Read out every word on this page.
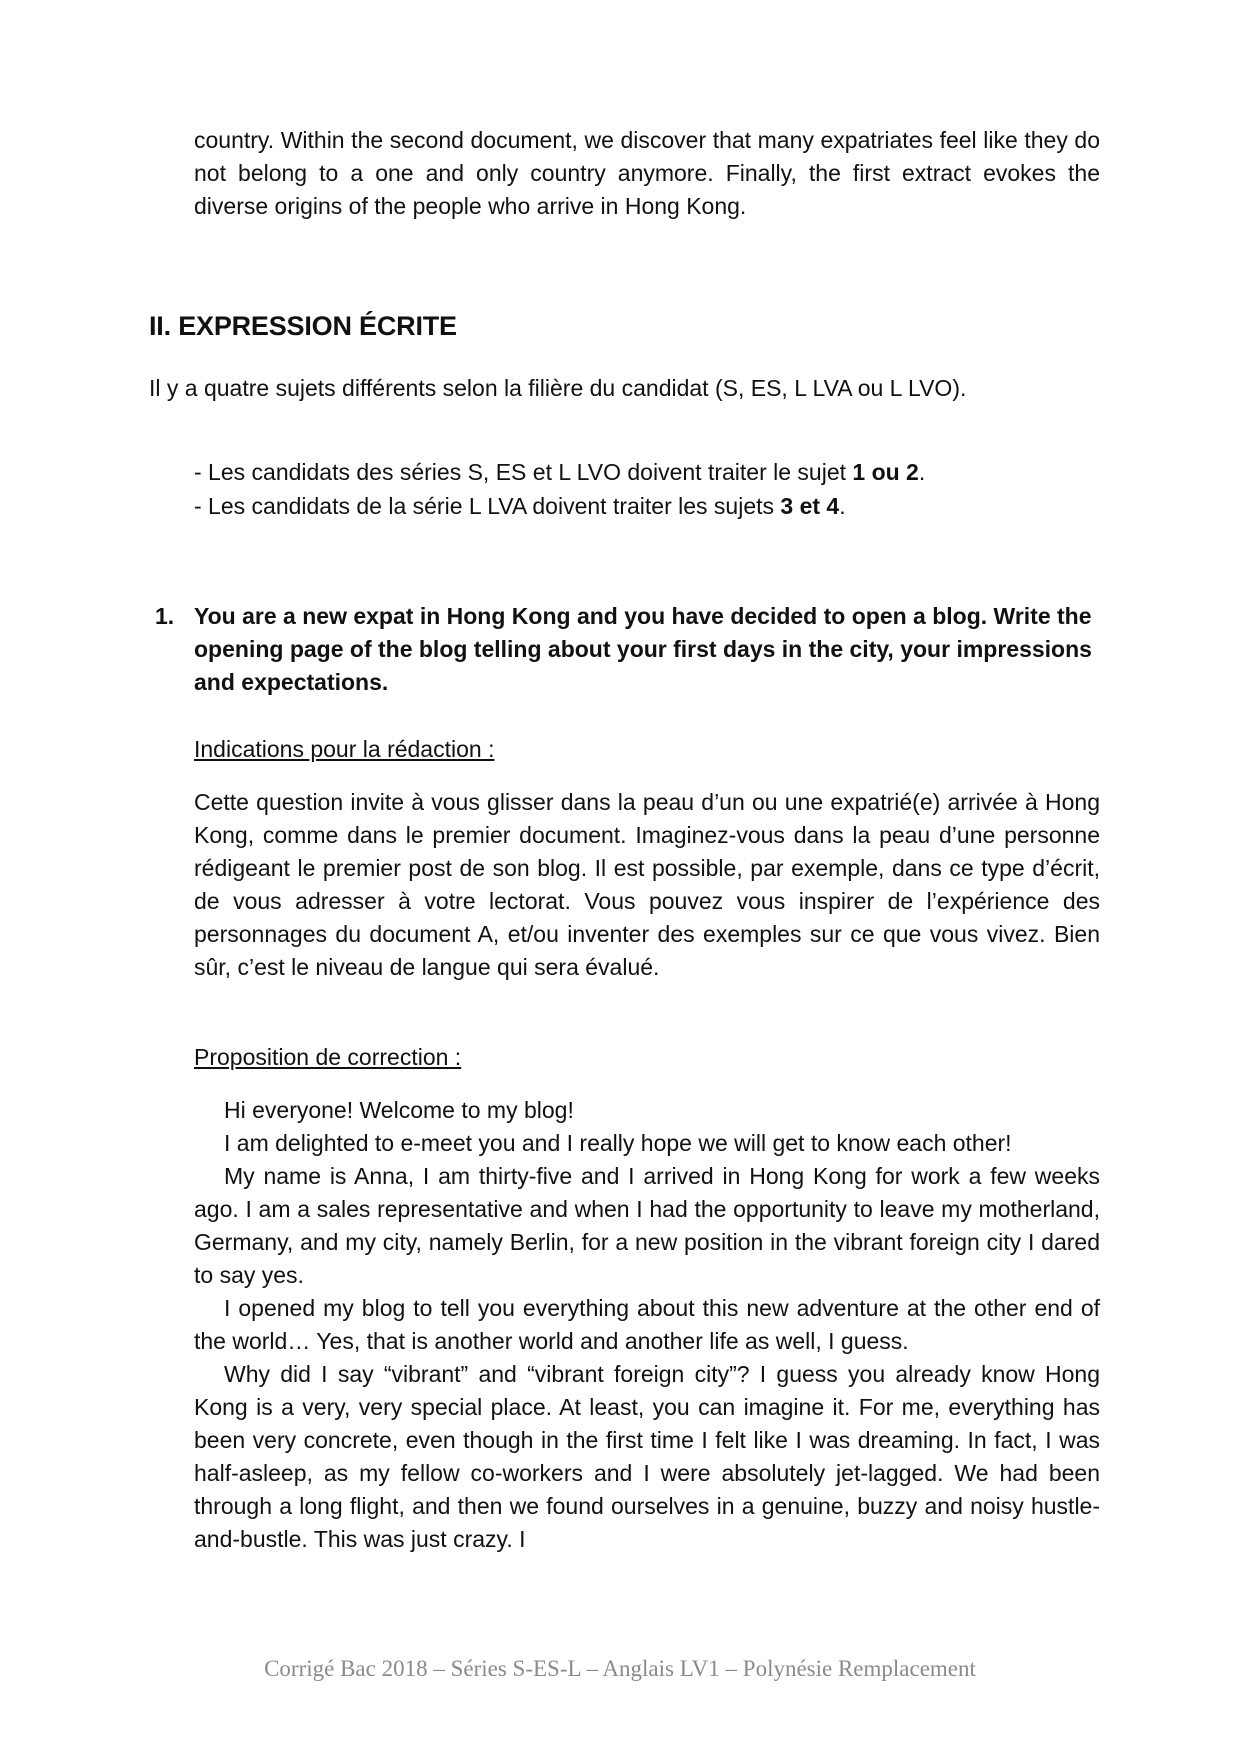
country. Within the second document, we discover that many expatriates feel like they do not belong to a one and only country anymore. Finally, the first extract evokes the diverse origins of the people who arrive in Hong Kong.

II. EXPRESSION ÉCRITE

Il y a quatre sujets différents selon la filière du candidat (S, ES, L LVA ou L LVO).

- Les candidats des séries S, ES et L LVO doivent traiter le sujet 1 ou 2.

- Les candidats de la série L LVA doivent traiter les sujets 3 et 4.

1. You are a new expat in Hong Kong and you have decided to open a blog. Write the opening page of the blog telling about your first days in the city, your impressions and expectations.

Indications pour la rédaction :

Cette question invite à vous glisser dans la peau d’un ou une expatrié(e) arrivée à Hong Kong, comme dans le premier document. Imaginez-vous dans la peau d’une personne rédigeant le premier post de son blog. Il est possible, par exemple, dans ce type d’écrit, de vous adresser à votre lectorat. Vous pouvez vous inspirer de l’expérience des personnages du document A, et/ou inventer des exemples sur ce que vous vivez. Bien sûr, c’est le niveau de langue qui sera évalué.

Proposition de correction :

Hi everyone! Welcome to my blog!

I am delighted to e-meet you and I really hope we will get to know each other!

My name is Anna, I am thirty-five and I arrived in Hong Kong for work a few weeks ago. I am a sales representative and when I had the opportunity to leave my motherland, Germany, and my city, namely Berlin, for a new position in the vibrant foreign city I dared to say yes.

I opened my blog to tell you everything about this new adventure at the other end of the world… Yes, that is another world and another life as well, I guess.

Why did I say “vibrant” and “vibrant foreign city”? I guess you already know Hong Kong is a very, very special place. At least, you can imagine it. For me, everything has been very concrete, even though in the first time I felt like I was dreaming. In fact, I was half-asleep, as my fellow co-workers and I were absolutely jet-lagged. We had been through a long flight, and then we found ourselves in a genuine, buzzy and noisy hustle-and-bustle. This was just crazy. I

Corrigé Bac 2018 – Séries S-ES-L – Anglais LV1 – Polynésie Remplacement
